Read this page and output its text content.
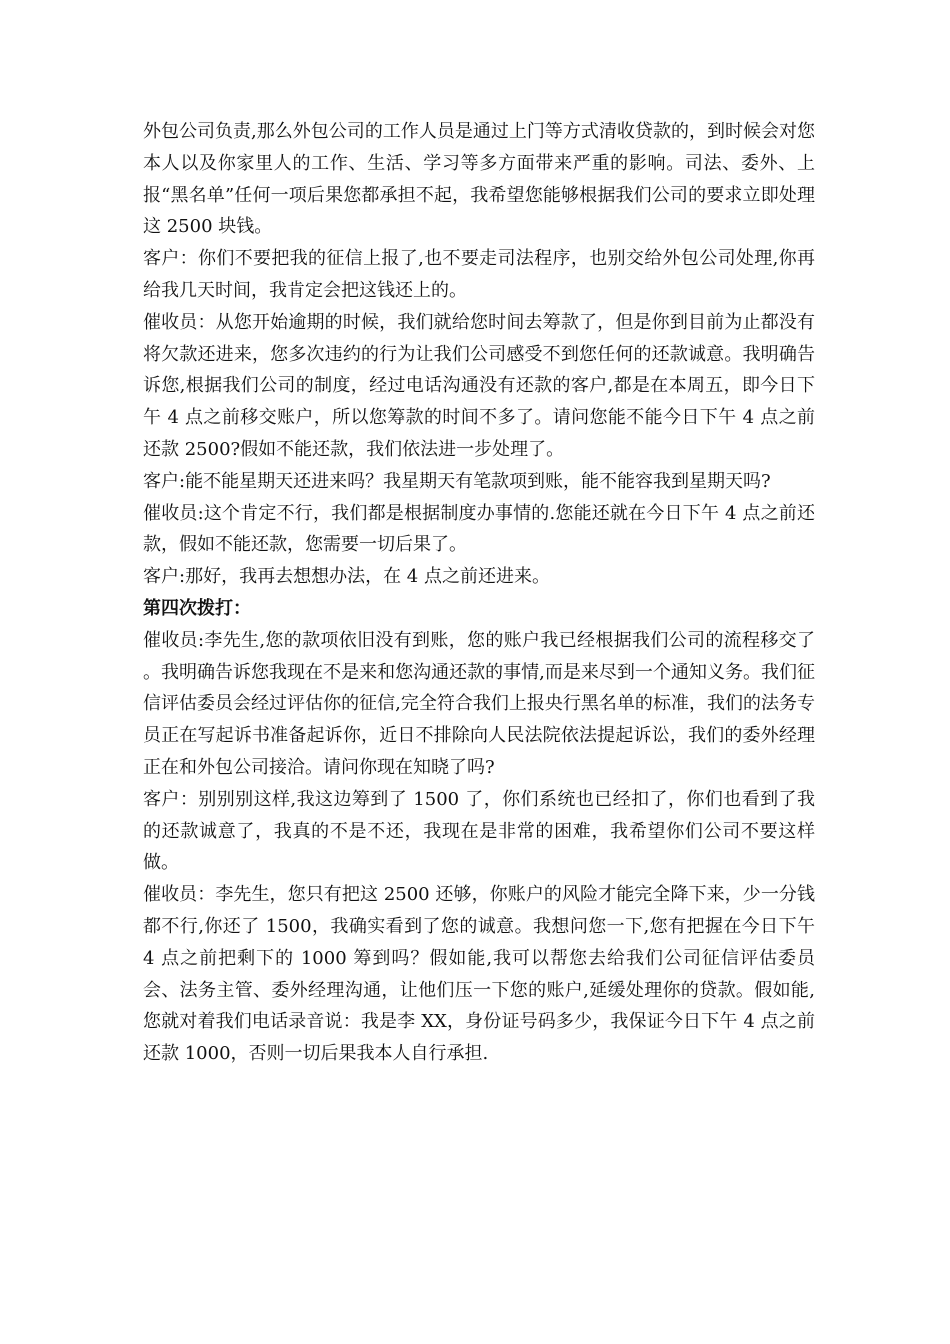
外包公司负责,那么外包公司的工作人员是通过上门等方式清收贷款的，到时候会对您本人以及你家里人的工作、生活、学习等多方面带来严重的影响。司法、委外、上报“黑名单”任何一项后果您都承担不起，我希望您能够根据我们公司的要求立即处理这 2500 块钱。

客户：你们不要把我的征信上报了,也不要走司法程序，也别交给外包公司处理,你再给我几天时间，我肯定会把这钱还上的。

催收员：从您开始逾期的时候，我们就给您时间去筹款了，但是你到目前为止都没有将欠款还进来，您多次违约的行为让我们公司感受不到您任何的还款诚意。我明确告诉您,根据我们公司的制度，经过电话沟通没有还款的客户,都是在本周五，即今日下午 4 点之前移交账户，所以您筹款的时间不多了。请问您能不能今日下午 4 点之前还款 2500?假如不能还款，我们依法进一步处理了。

客户:能不能星期天还进来吗？我星期天有笔款项到账，能不能容我到星期天吗?

催收员:这个肯定不行，我们都是根据制度办事情的.您能还就在今日下午 4 点之前还款，假如不能还款，您需要一切后果了。

客户:那好，我再去想想办法，在 4 点之前还进来。

第四次拨打：

催收员:李先生,您的款项依旧没有到账，您的账户我已经根据我们公司的流程移交了 。我明确告诉您我现在不是来和您沟通还款的事情,而是来尽到一个通知义务。我们征信评估委员会经过评估你的征信,完全符合我们上报央行黑名单的标准，我们的法务专员正在写起诉书准备起诉你，近日不排除向人民法院依法提起诉讼，我们的委外经理正在和外包公司接洽。请问你现在知晓了吗?

客户：别别别这样,我这边筹到了 1500 了，你们系统也已经扣了，你们也看到了我的还款诚意了，我真的不是不还，我现在是非常的困难，我希望你们公司不要这样做。

催收员：李先生，您只有把这 2500 还够，你账户的风险才能完全降下来，少一分钱都不行,你还了 1500，我确实看到了您的诚意。我想问您一下,您有把握在今日下午 4 点之前把剩下的 1000 筹到吗？假如能,我可以帮您去给我们公司征信评估委员会、法务主管、委外经理沟通，让他们压一下您的账户,延缓处理你的贷款。假如能,您就对着我们电话录音说：我是李 XX，身份证号码多少，我保证今日下午 4 点之前还款 1000，否则一切后果我本人自行承担.
